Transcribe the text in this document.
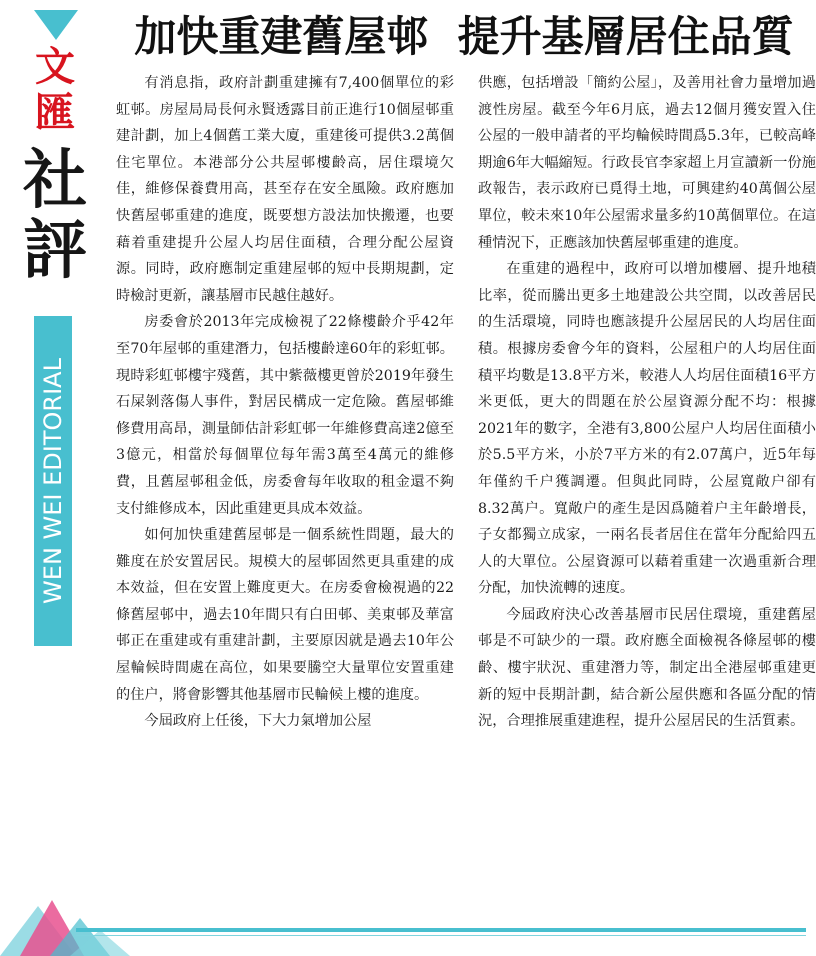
文匯
社評
WEN WEI EDITORIAL
加快重建舊屋邨  提升基層居住品質

有消息指，政府計劃重建擁有7,400個單位的彩虹邨。房屋局局長何永賢透露目前正進行10個屋邨重建計劃，加上4個舊工業大廈，重建後可提供3.2萬個住宅單位。本港部分公共屋邨樓齡高，居住環境欠佳，維修保養費用高，甚至存在安全風險。政府應加快舊屋邨重建的進度，既要想方設法加快搬遷，也要藉着重建提升公屋人均居住面積，合理分配公屋資源。同時，政府應制定重建屋邨的短中長期規劃，定時檢討更新，讓基層市民越住越好。

房委會於2013年完成檢視了22條樓齡介乎42年至70年屋邨的重建潛力，包括樓齡達60年的彩虹邨。現時彩虹邨樓宇殘舊，其中紫薇樓更曾於2019年發生石屎剝落傷人事件，對居民構成一定危險。舊屋邨維修費用高昂，測量師估計彩虹邨一年維修費高達2億至3億元，相當於每個單位每年需3萬至4萬元的維修費，且舊屋邨租金低，房委會每年收取的租金還不夠支付維修成本，因此重建更具成本效益。

如何加快重建舊屋邨是一個系統性問題，最大的難度在於安置居民。規模大的屋邨固然更具重建的成本效益，但在安置上難度更大。在房委會檢視過的22條舊屋邨中，過去10年間只有白田邨、美東邨及華富邨正在重建或有重建計劃，主要原因就是過去10年公屋輪候時間處在高位，如果要騰空大量單位安置重建的住户，將會影響其他基層市民輪候上樓的進度。

今屆政府上任後，下大力氣增加公屋

供應，包括增設「簡約公屋」，及善用社會力量增加過渡性房屋。截至今年6月底，過去12個月獲安置入住公屋的一般申請者的平均輪候時間爲5.3年，已較高峰期逾6年大幅縮短。行政長官李家超上月宣讀新一份施政報告，表示政府已覓得土地，可興建約40萬個公屋單位，較未來10年公屋需求量多約10萬個單位。在這種情況下，正應該加快舊屋邨重建的進度。

在重建的過程中，政府可以增加樓層、提升地積比率，從而騰出更多土地建設公共空間，以改善居民的生活環境，同時也應該提升公屋居民的人均居住面積。根據房委會今年的資料，公屋租户的人均居住面積平均數是13.8平方米，較港人人均居住面積16平方米更低，更大的問題在於公屋資源分配不均：根據2021年的數字，全港有3,800公屋户人均居住面積小於5.5平方米，小於7平方米的有2.07萬户，近5年每年僅約千户獲調遷。但與此同時，公屋寬敞户卻有8.32萬户。寬敞户的產生是因爲隨着户主年齡增長，子女都獨立成家，一兩名長者居住在當年分配給四五人的大單位。公屋資源可以藉着重建一次過重新合理分配，加快流轉的速度。

今屆政府決心改善基層市民居住環境，重建舊屋邨是不可缺少的一環。政府應全面檢視各條屋邨的樓齡、樓宇狀況、重建潛力等，制定出全港屋邨重建更新的短中長期計劃，結合新公屋供應和各區分配的情況，合理推展重建進程，提升公屋居民的生活質素。
